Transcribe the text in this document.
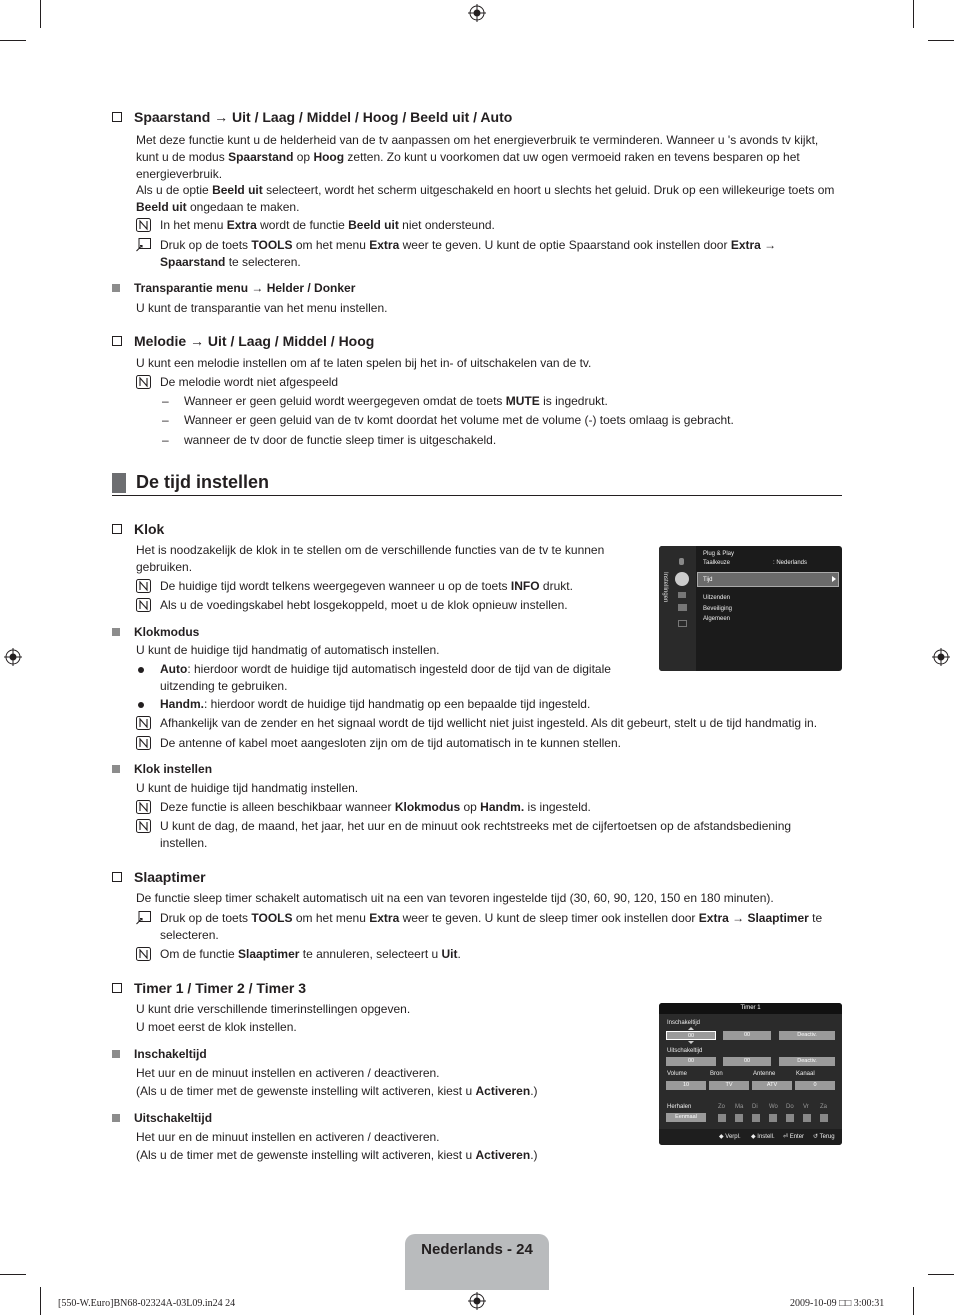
Spaarstand → Uit / Laag / Middel / Hoog / Beeld uit / Auto
Met deze functie kunt u de helderheid van de tv aanpassen om het energieverbruik te verminderen. Wanneer u 's avonds tv kijkt, kunt u de modus Spaarstand op Hoog zetten. Zo kunt u voorkomen dat uw ogen vermoeid raken en tevens besparen op het energieverbruik.
Als u de optie Beeld uit selecteert, wordt het scherm uitgeschakeld en hoort u slechts het geluid. Druk op een willekeurige toets om Beeld uit ongedaan te maken.
In het menu Extra wordt de functie Beeld uit niet ondersteund.
Druk op de toets TOOLS om het menu Extra weer te geven. U kunt de optie Spaarstand ook instellen door Extra →
Spaarstand te selecteren.
Transparantie menu → Helder / Donker
U kunt de transparantie van het menu instellen.
Melodie → Uit / Laag / Middel / Hoog
U kunt een melodie instellen om af te laten spelen bij het in- of uitschakelen van de tv.
De melodie wordt niet afgespeeld
– Wanneer er geen geluid wordt weergegeven omdat de toets MUTE is ingedrukt.
– Wanneer er geen geluid van de tv komt doordat het volume met de volume (-) toets omlaag is gebracht.
– wanneer de tv door de functie sleep timer is uitgeschakeld.
De tijd instellen
Klok
Het is noodzakelijk de klok in te stellen om de verschillende functies van de tv te kunnen gebruiken.
De huidige tijd wordt telkens weergegeven wanneer u op de toets INFO drukt.
Als u de voedingskabel hebt losgekoppeld, moet u de klok opnieuw instellen.
Instellingen
Plug & Play
Taalkeuze	: Nederlands
Tijd
Uitzenden
Beveiliging
Algemeen
Klokmodus
U kunt de huidige tijd handmatig of automatisch instellen.
Auto: hierdoor wordt de huidige tijd automatisch ingesteld door de tijd van de digitale uitzending te gebruiken.
Handm.: hierdoor wordt de huidige tijd handmatig op een bepaalde tijd ingesteld.
Afhankelijk van de zender en het signaal wordt de tijd wellicht niet juist ingesteld. Als dit gebeurt, stelt u de tijd handmatig in.
De antenne of kabel moet aangesloten zijn om de tijd automatisch in te kunnen stellen.
Klok instellen
U kunt de huidige tijd handmatig instellen.
Deze functie is alleen beschikbaar wanneer Klokmodus op Handm. is ingesteld.
U kunt de dag, de maand, het jaar, het uur en de minuut ook rechtstreeks met de cijfertoetsen op de afstandsbediening instellen.
Slaaptimer
De functie sleep timer schakelt automatisch uit na een van tevoren ingestelde tijd (30, 60, 90, 120, 150 en 180 minuten).
Druk op de toets TOOLS om het menu Extra weer te geven. U kunt de sleep timer ook instellen door Extra → Slaaptimer te selecteren.
Om de functie Slaaptimer te annuleren, selecteert u Uit.
Timer 1 / Timer 2 / Timer 3
U kunt drie verschillende timerinstellingen opgeven.
U moet eerst de klok instellen.
Inschakeltijd
Het uur en de minuut instellen en activeren / deactiveren.
(Als u de timer met de gewenste instelling wilt activeren, kiest u Activeren.)
Uitschakeltijd
Het uur en de minuut instellen en activeren / deactiveren.
(Als u de timer met de gewenste instelling wilt activeren, kiest u Activeren.)
Timer 1
Inschakeltijd
00	00	Deactiv.
Uitschakeltijd
00	00	Deactiv.
Volume	Bron	Antenne	Kanaal
10	TV	ATV	0
Herhalen
Eenmaal
Zo Ma Di Wo Do Vr Za
◆ Verpl. ◆ Instell. ⏎ Enter ↺ Terug
Nederlands - 24
[550-W.Euro]BN68-02324A-03L09.in24 24	2009-10-09 □□ 3:00:31
